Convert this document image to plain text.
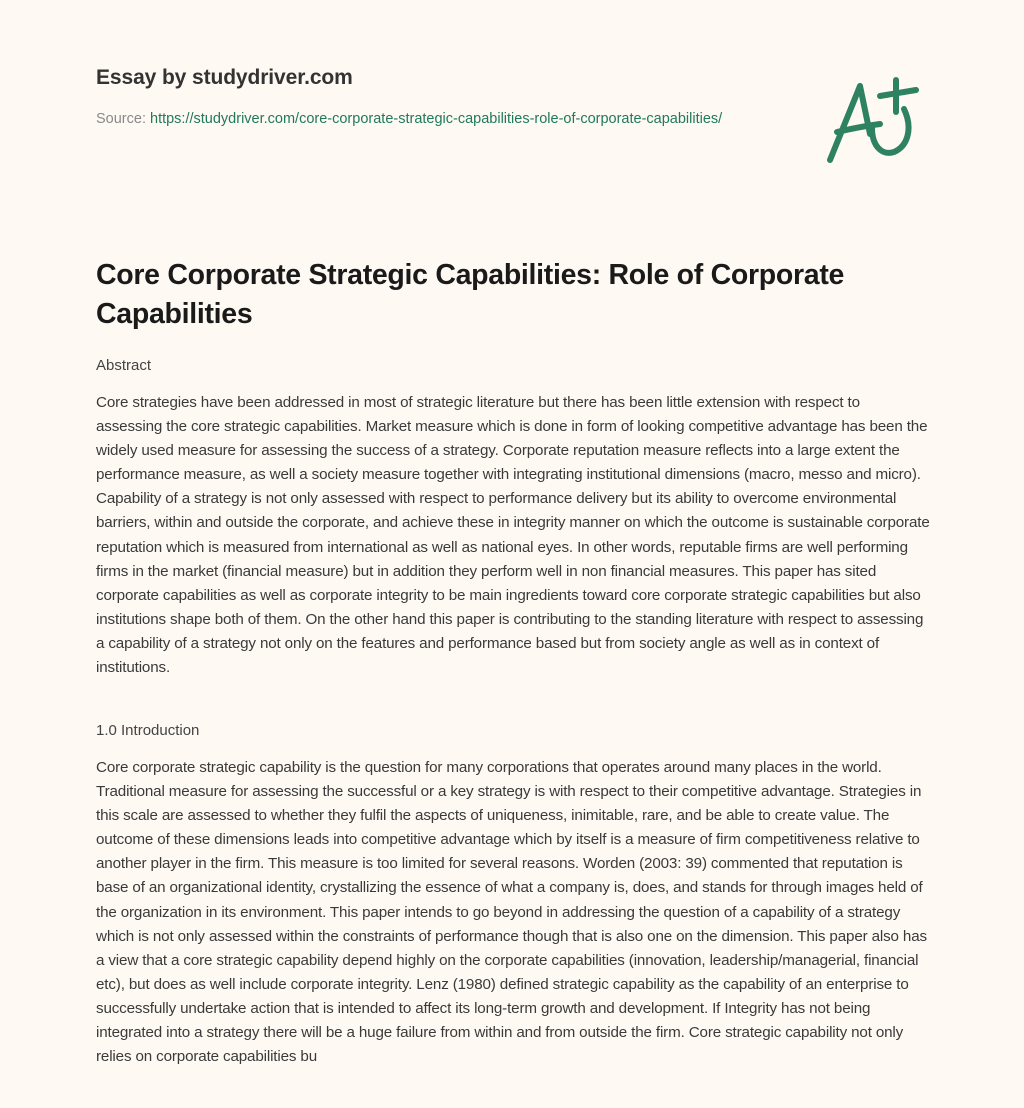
Essay by studydriver.com
Source: https://studydriver.com/core-corporate-strategic-capabilities-role-of-corporate-capabilities/
Core Corporate Strategic Capabilities: Role of Corporate Capabilities

Abstract

Core strategies have been addressed in most of strategic literature but there has been little extension with respect to assessing the core strategic capabilities. Market measure which is done in form of looking competitive advantage has been the widely used measure for assessing the success of a strategy. Corporate reputation measure reflects into a large extent the performance measure, as well a society measure together with integrating institutional dimensions (macro, messo and micro). Capability of a strategy is not only assessed with respect to performance delivery but its ability to overcome environmental barriers, within and outside the corporate, and achieve these in integrity manner on which the outcome is sustainable corporate reputation which is measured from international as well as national eyes. In other words, reputable firms are well performing firms in the market (financial measure) but in addition they perform well in non financial measures. This paper has sited corporate capabilities as well as corporate integrity to be main ingredients toward core corporate strategic capabilities but also institutions shape both of them. On the other hand this paper is contributing to the standing literature with respect to assessing a capability of a strategy not only on the features and performance based but from society angle as well as in context of institutions.

1.0 Introduction

Core corporate strategic capability is the question for many corporations that operates around many places in the world. Traditional measure for assessing the successful or a key strategy is with respect to their competitive advantage. Strategies in this scale are assessed to whether they fulfil the aspects of uniqueness, inimitable, rare, and be able to create value. The outcome of these dimensions leads into competitive advantage which by itself is a measure of firm competitiveness relative to another player in the firm. This measure is too limited for several reasons. Worden (2003: 39) commented that reputation is base of an organizational identity, crystallizing the essence of what a company is, does, and stands for through images held of the organization in its environment. This paper intends to go beyond in addressing the question of a capability of a strategy which is not only assessed within the constraints of performance though that is also one on the dimension. This paper also has a view that a core strategic capability depend highly on the corporate capabilities (innovation, leadership/managerial, financial etc), but does as well include corporate integrity. Lenz (1980) defined strategic capability as the capability of an enterprise to successfully undertake action that is intended to affect its long-term growth and development. If Integrity has not being integrated into a strategy there will be a huge failure from within and from outside the firm. Core strategic capability not only relies on corporate capabilities bu
